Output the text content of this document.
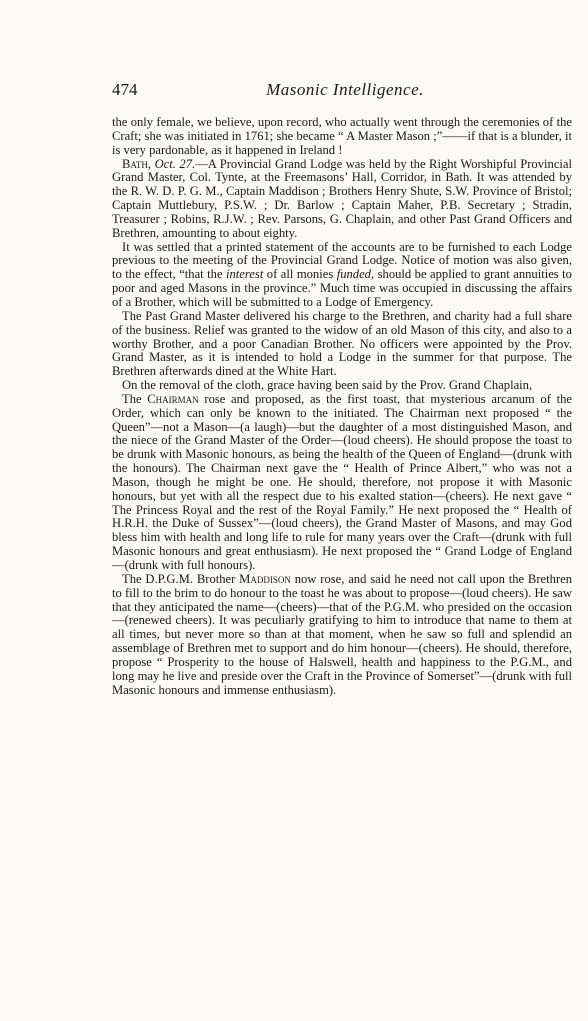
474	Masonic Intelligence.

the only female, we believe, upon record, who actually went through the ceremonies of the Craft; she was initiated in 1761; she became “ A Master Mason ;”——if that is a blunder, it is very pardonable, as it happened in Ireland !

Bath, Oct. 27.—A Provincial Grand Lodge was held by the Right Worshipful Provincial Grand Master, Col. Tynte, at the Freemasons’ Hall, Corridor, in Bath. It was attended by the R. W. D. P. G. M., Captain Maddison ; Brothers Henry Shute, S.W. Province of Bristol; Captain Muttlebury, P.S.W. ; Dr. Barlow ; Captain Maher, P.B. Secretary ; Stradin, Treasurer ; Robins, R.J.W. ; Rev. Parsons, G. Chaplain, and other Past Grand Officers and Brethren, amounting to about eighty.

It was settled that a printed statement of the accounts are to be furnished to each Lodge previous to the meeting of the Provincial Grand Lodge. Notice of motion was also given, to the effect, “that the interest of all monies funded, should be applied to grant annuities to poor and aged Masons in the province.” Much time was occupied in discussing the affairs of a Brother, which will be submitted to a Lodge of Emergency.

The Past Grand Master delivered his charge to the Brethren, and charity had a full share of the business. Relief was granted to the widow of an old Mason of this city, and also to a worthy Brother, and a poor Canadian Brother. No officers were appointed by the Prov. Grand Master, as it is intended to hold a Lodge in the summer for that purpose. The Brethren afterwards dined at the White Hart.

On the removal of the cloth, grace having been said by the Prov. Grand Chaplain,

The Chairman rose and proposed, as the first toast, that mysterious arcanum of the Order, which can only be known to the initiated. The Chairman next proposed “ the Queen”—not a Mason—(a laugh)—but the daughter of a most distinguished Mason, and the niece of the Grand Master of the Order—(loud cheers). He should propose the toast to be drunk with Masonic honours, as being the health of the Queen of England—(drunk with the honours). The Chairman next gave the “ Health of Prince Albert,” who was not a Mason, though he might be one. He should, therefore, not propose it with Masonic honours, but yet with all the respect due to his exalted station—(cheers). He next gave “ The Princess Royal and the rest of the Royal Family.” He next proposed the “ Health of H.R.H. the Duke of Sussex”—(loud cheers), the Grand Master of Masons, and may God bless him with health and long life to rule for many years over the Craft—(drunk with full Masonic honours and great enthusiasm). He next proposed the “ Grand Lodge of England—(drunk with full honours).

The D.P.G.M. Brother Maddison now rose, and said he need not call upon the Brethren to fill to the brim to do honour to the toast he was about to propose—(loud cheers). He saw that they anticipated the name—(cheers)—that of the P.G.M. who presided on the occasion—(renewed cheers). It was peculiarly gratifying to him to introduce that name to them at all times, but never more so than at that moment, when he saw so full and splendid an assemblage of Brethren met to support and do him honour—(cheers). He should, therefore, propose “ Prosperity to the house of Halswell, health and happiness to the P.G.M., and long may he live and preside over the Craft in the Province of Somerset”—(drunk with full Masonic honours and immense enthusiasm).
